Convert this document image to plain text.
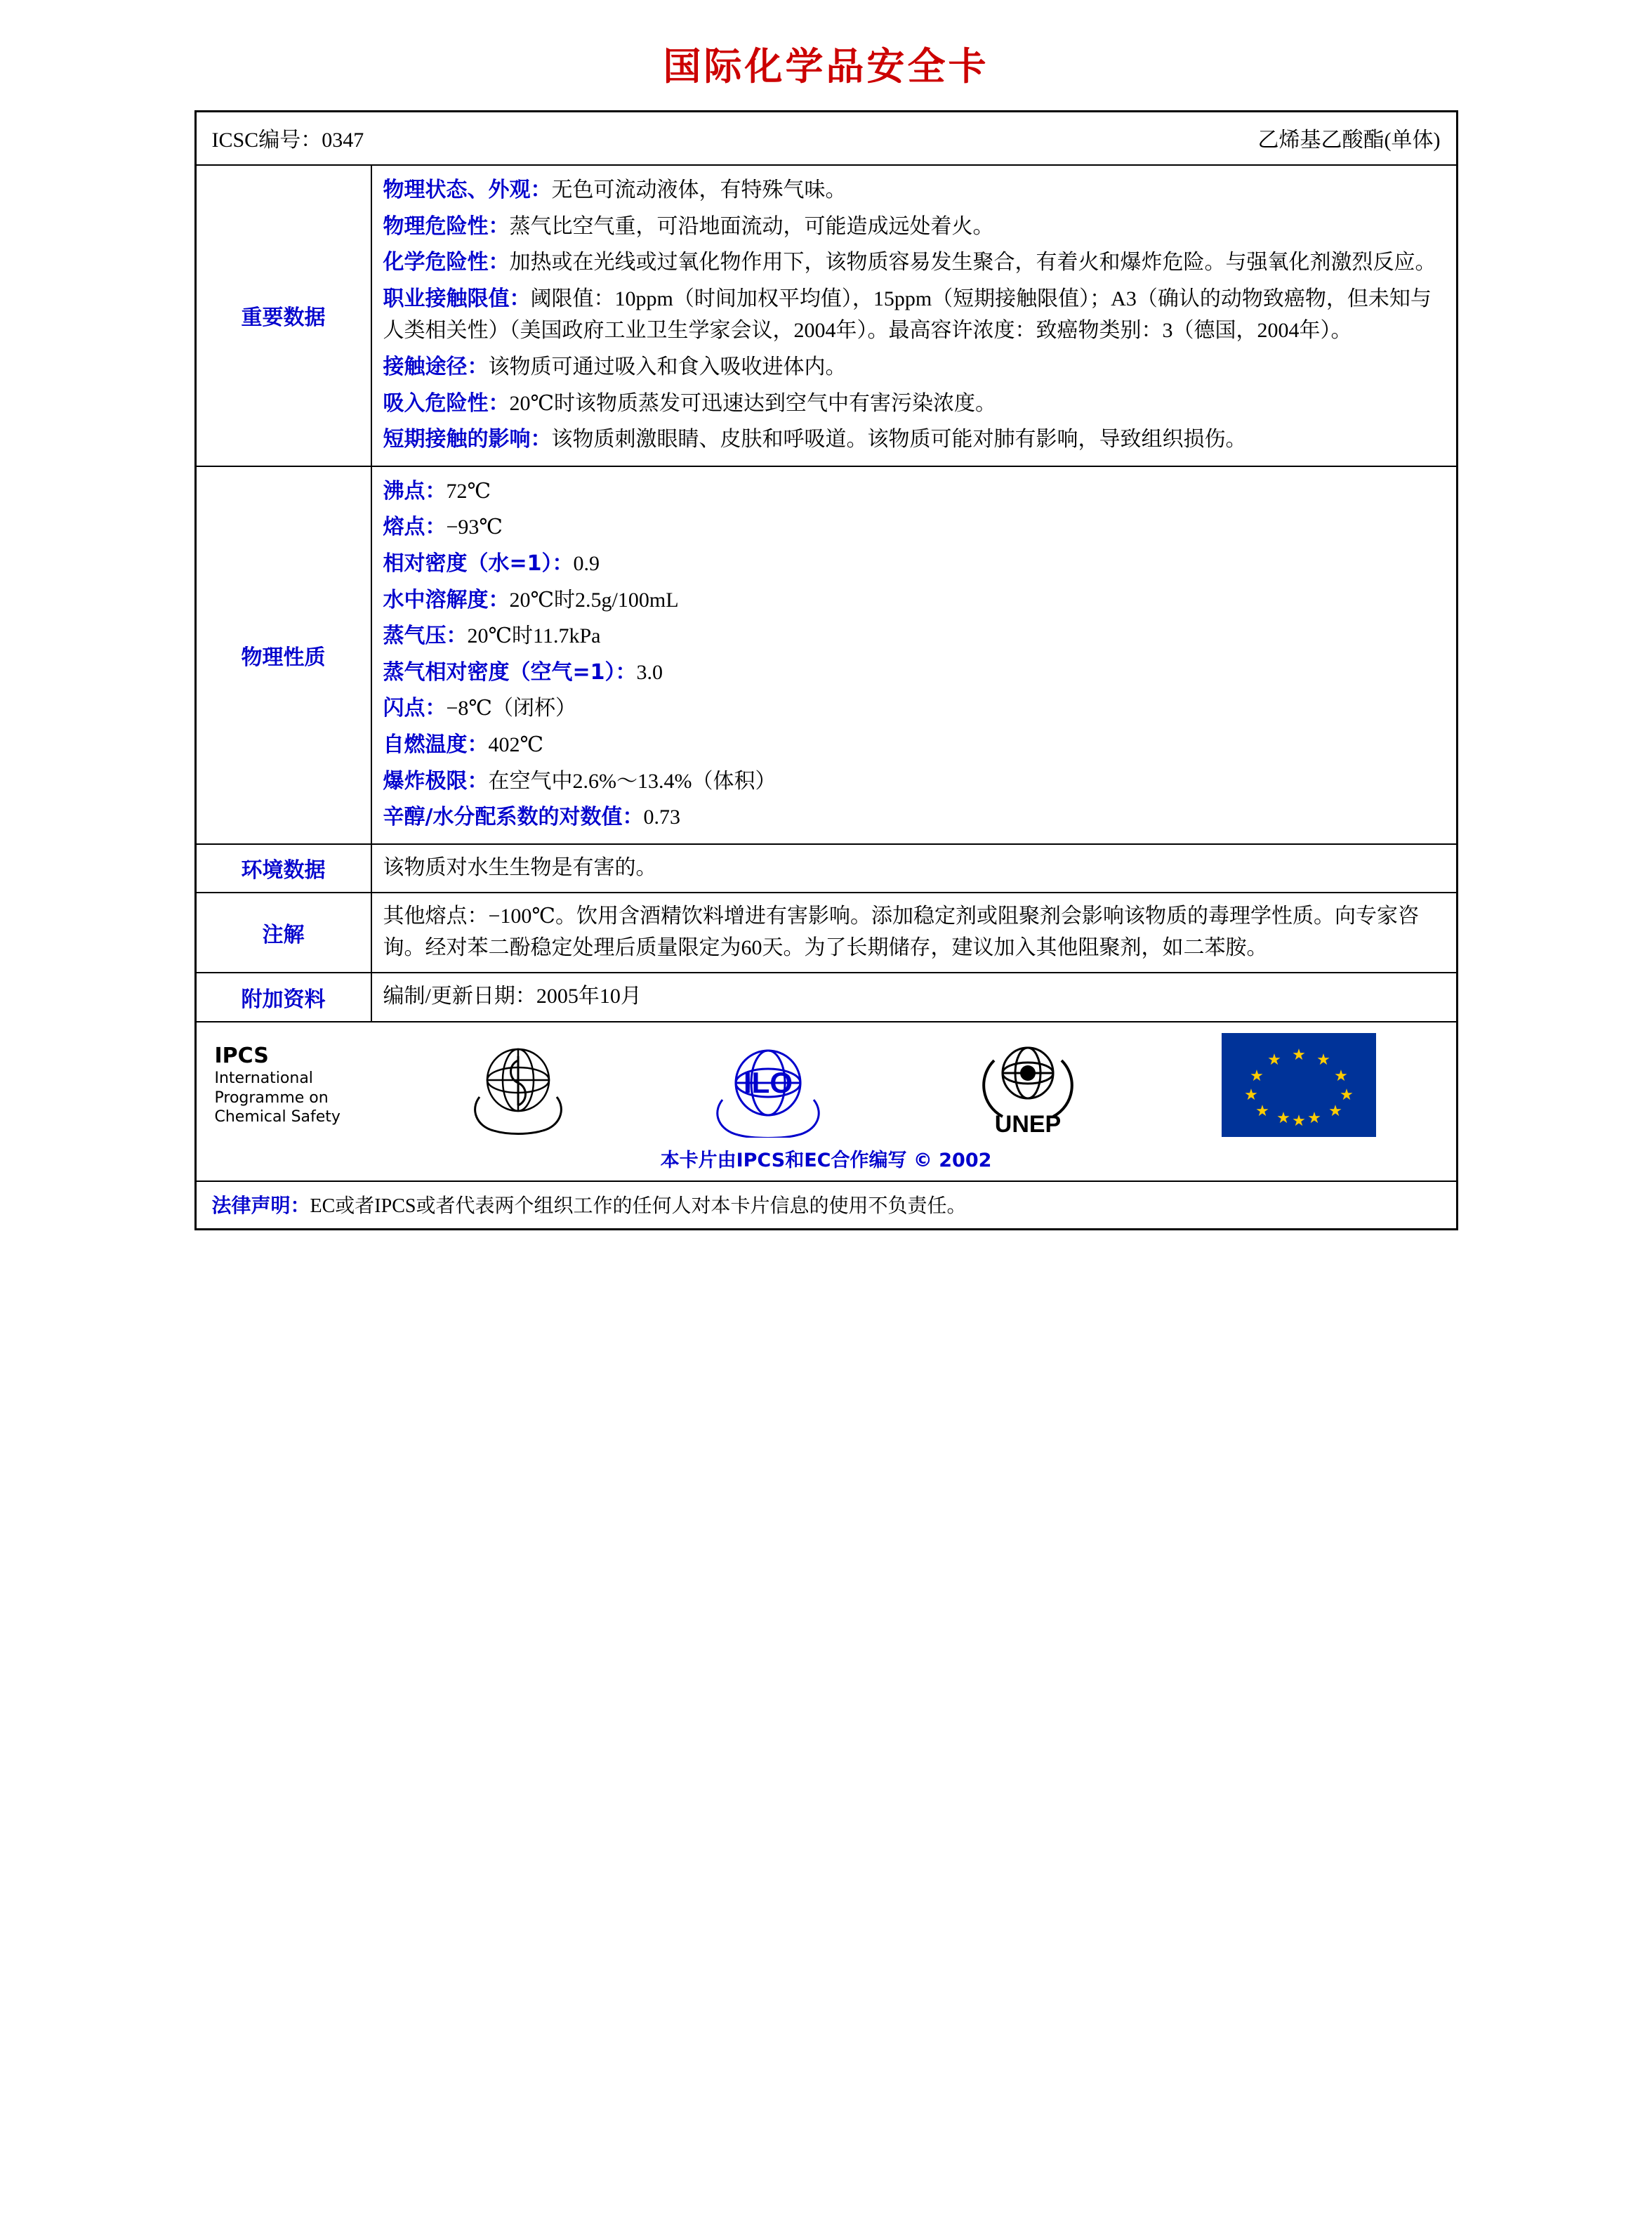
国际化学品安全卡
ICSC编号：0347	乙烯基乙酸酯(单体)
重要数据
物理状态、外观：无色可流动液体，有特殊气味。
物理危险性：蒸气比空气重，可沿地面流动，可能造成远处着火。
化学危险性：加热或在光线或过氧化物作用下，该物质容易发生聚合，有着火和爆炸危险。与强氧化剂激烈反应。
职业接触限值：阈限值：10ppm（时间加权平均值），15ppm（短期接触限值）；A3（确认的动物致癌物，但未知与人类相关性）（美国政府工业卫生学家会议，2004年）。最高容许浓度：致癌物类别：3（德国，2004年）。
接触途径：该物质可通过吸入和食入吸收进体内。
吸入危险性：20℃时该物质蒸发可迅速达到空气中有害污染浓度。
短期接触的影响：该物质刺激眼睛、皮肤和呼吸道。该物质可能对肺有影响，导致组织损伤。
物理性质
沸点：72℃
熔点：−93℃
相对密度（水=1）：0.9
水中溶解度：20℃时2.5g/100mL
蒸气压：20℃时11.7kPa
蒸气相对密度（空气=1）：3.0
闪点：−8℃（闭杯）
自燃温度：402℃
爆炸极限：在空气中2.6%～13.4%（体积）
辛醇/水分配系数的对数值：0.73
环境数据	该物质对水生生物是有害的。
注解
其他熔点：−100℃。饮用含酒精饮料增进有害影响。添加稳定剂或阻聚剂会影响该物质的毒理学性质。向专家咨询。经对苯二酚稳定处理后质量限定为60天。为了长期储存，建议加入其他阻聚剂，如二苯胺。
附加资料	编制/更新日期：2005年10月
IPCS
International
Programme on
Chemical Safety
ILO
UNEP
★
★ ★
★	★
★	★
★	★
★ ★
★
本卡片由IPCS和EC合作编写 © 2002
法律声明：EC或者IPCS或者代表两个组织工作的任何人对本卡片信息的使用不负责任。
